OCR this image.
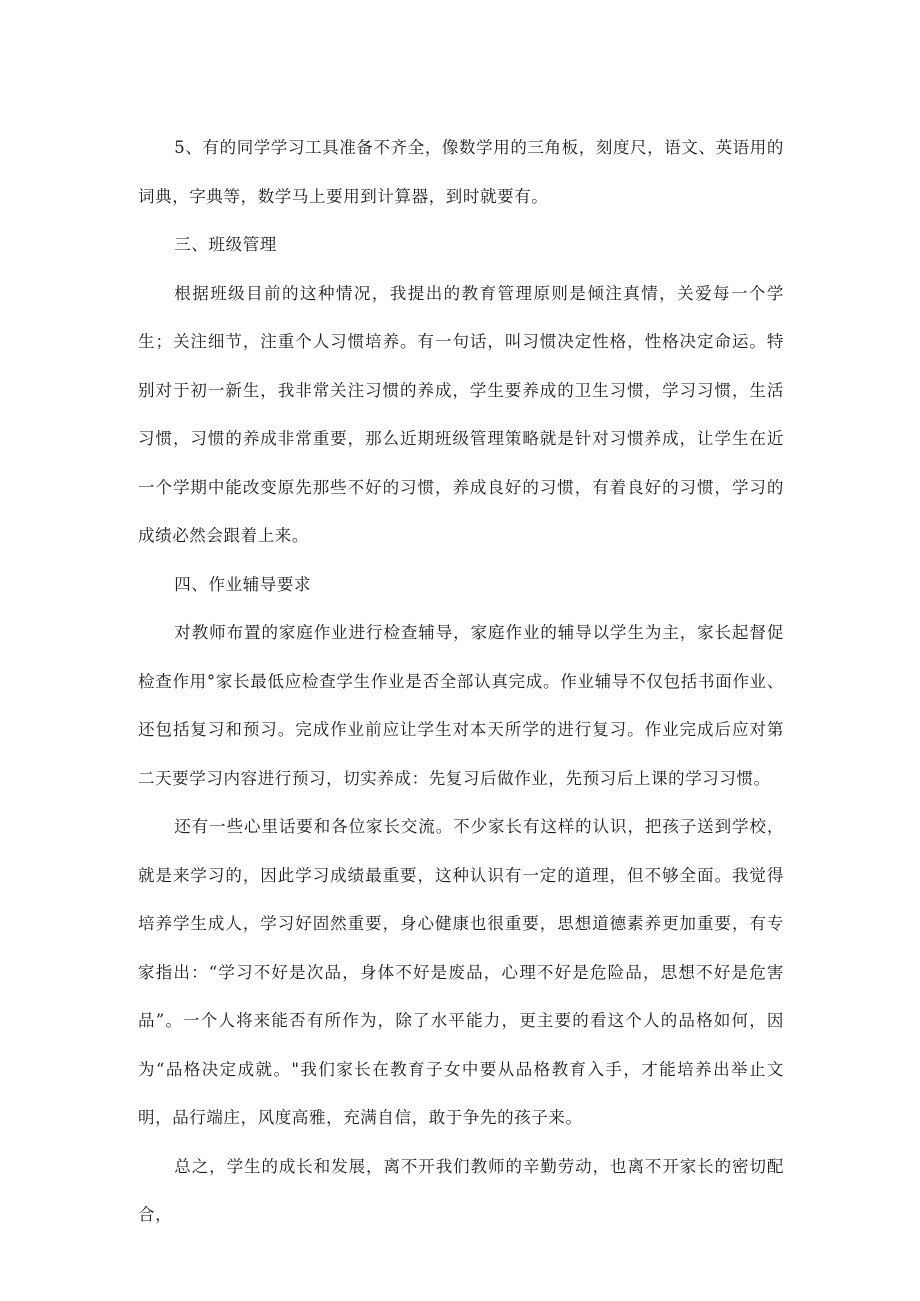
5、有的同学学习工具准备不齐全，像数学用的三角板，刻度尺，语文、英语用的词典，字典等，数学马上要用到计算器，到时就要有。

三、班级管理

根据班级目前的这种情况，我提出的教育管理原则是倾注真情，关爱每一个学生；关注细节，注重个人习惯培养。有一句话，叫习惯决定性格，性格决定命运。特别对于初一新生，我非常关注习惯的养成，学生要养成的卫生习惯，学习习惯，生活习惯，习惯的养成非常重要，那么近期班级管理策略就是针对习惯养成，让学生在近一个学期中能改变原先那些不好的习惯，养成良好的习惯，有着良好的习惯，学习的成绩必然会跟着上来。

四、作业辅导要求

对教师布置的家庭作业进行检查辅导，家庭作业的辅导以学生为主，家长起督促检查作用°家长最低应检查学生作业是否全部认真完成。作业辅导不仅包括书面作业、还包括复习和预习。完成作业前应让学生对本天所学的进行复习。作业完成后应对第二天要学习内容进行预习，切实养成：先复习后做作业，先预习后上课的学习习惯。

还有一些心里话要和各位家长交流。不少家长有这样的认识，把孩子送到学校，就是来学习的，因此学习成绩最重要，这种认识有一定的道理，但不够全面。我觉得培养学生成人，学习好固然重要，身心健康也很重要，思想道德素养更加重要，有专家指出：“学习不好是次品，身体不好是废品，心理不好是危险品，思想不好是危害品”。一个人将来能否有所作为，除了水平能力，更主要的看这个人的品格如何，因为“品格决定成就。"我们家长在教育子女中要从品格教育入手，才能培养出举止文明，品行端庄，风度高雅，充满自信，敢于争先的孩子来。

总之，学生的成长和发展，离不开我们教师的辛勤劳动，也离不开家长的密切配合，
